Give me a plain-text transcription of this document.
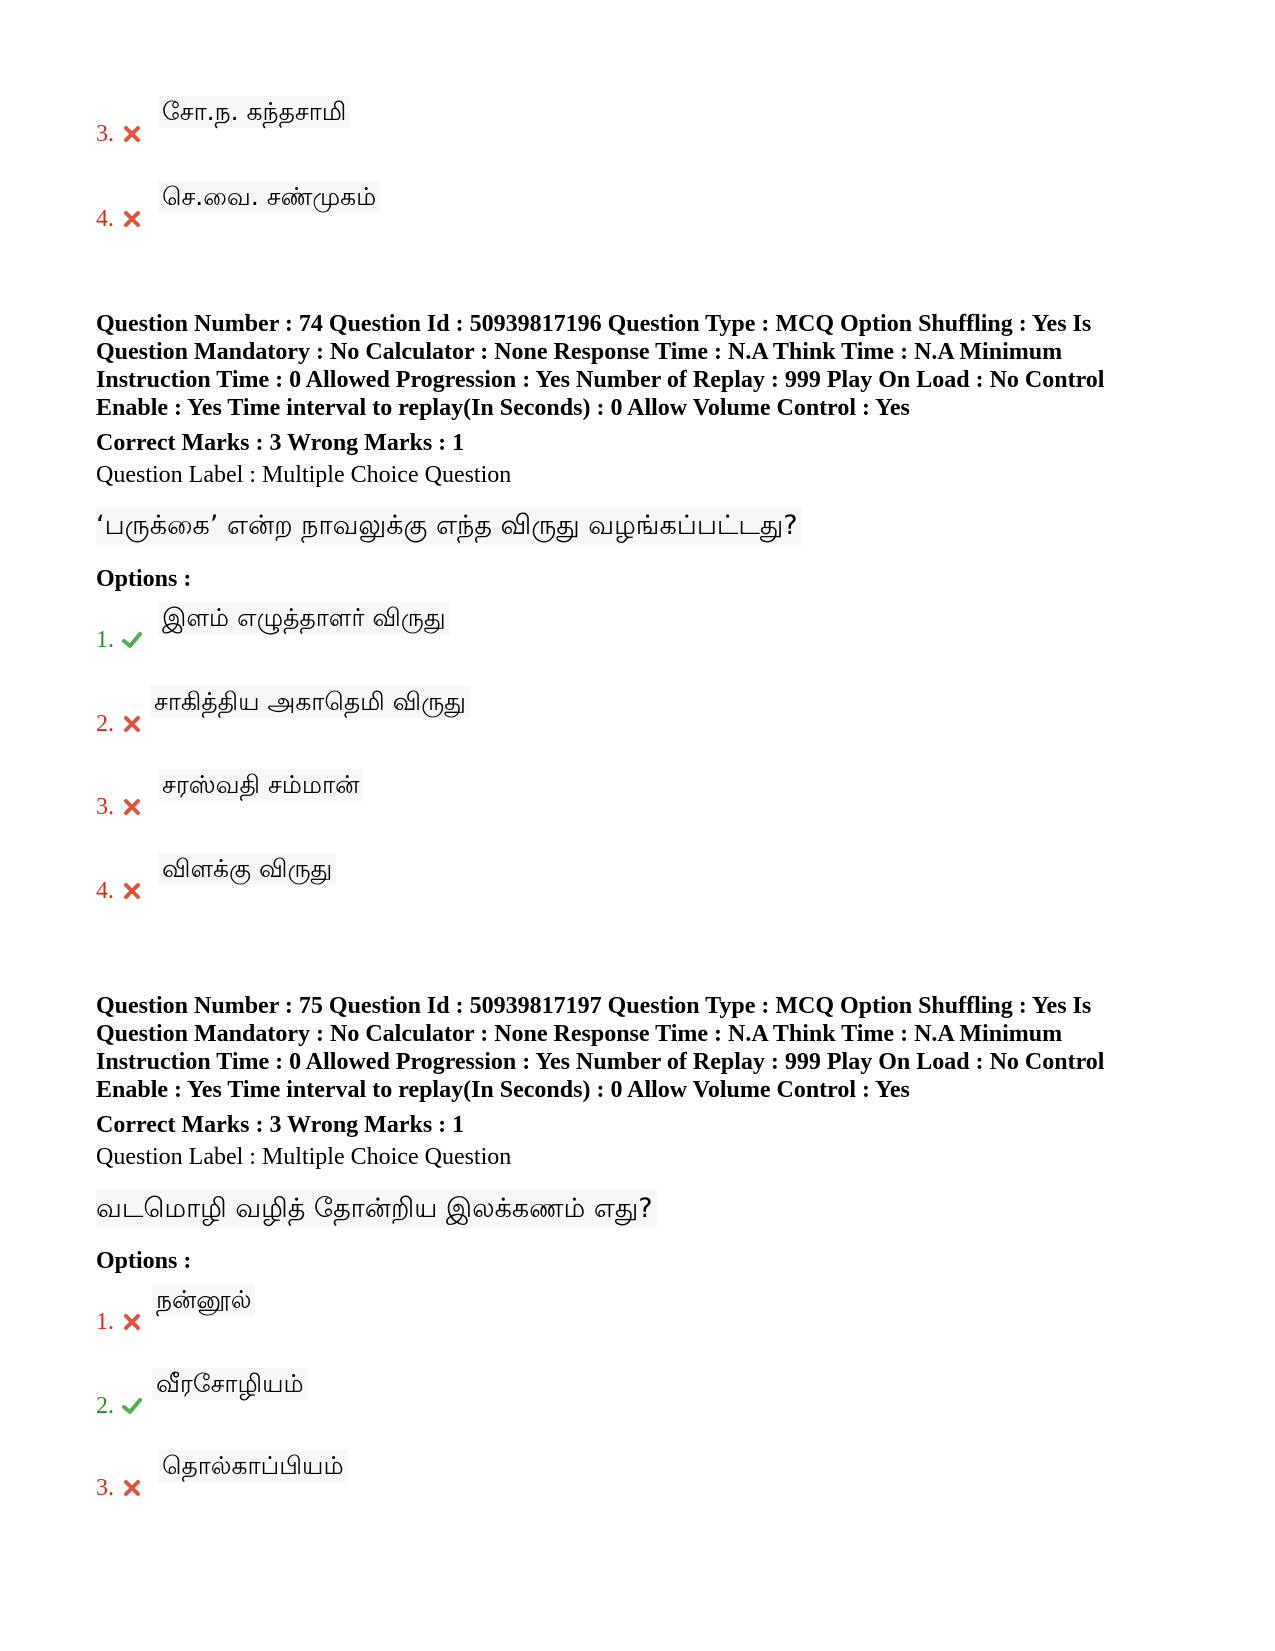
3.
சோ.ந. கந்தசாமி
4.
செ.வை. சண்முகம்
Question Number : 74 Question Id : 50939817196 Question Type : MCQ Option Shuffling : Yes Is
Question Mandatory : No Calculator : None Response Time : N.A Think Time : N.A Minimum
Instruction Time : 0 Allowed Progression : Yes Number of Replay : 999 Play On Load : No Control
Enable : Yes Time interval to replay(In Seconds) : 0 Allow Volume Control : Yes
Correct Marks : 3 Wrong Marks : 1
Question Label : Multiple Choice Question
‘பருக்கை’ என்ற நாவலுக்கு எந்த விருது வழங்கப்பட்டது?
Options :
1.
இளம் எழுத்தாளர் விருது
2.
சாகித்திய அகாதெமி விருது
3.
சரஸ்வதி சம்மான்
4.
விளக்கு விருது
Question Number : 75 Question Id : 50939817197 Question Type : MCQ Option Shuffling : Yes Is
Question Mandatory : No Calculator : None Response Time : N.A Think Time : N.A Minimum
Instruction Time : 0 Allowed Progression : Yes Number of Replay : 999 Play On Load : No Control
Enable : Yes Time interval to replay(In Seconds) : 0 Allow Volume Control : Yes
Correct Marks : 3 Wrong Marks : 1
Question Label : Multiple Choice Question
வடமொழி வழித் தோன்றிய இலக்கணம் எது?
Options :
1.
நன்னூல்
2.
வீரசோழியம்
3.
தொல்காப்பியம்
